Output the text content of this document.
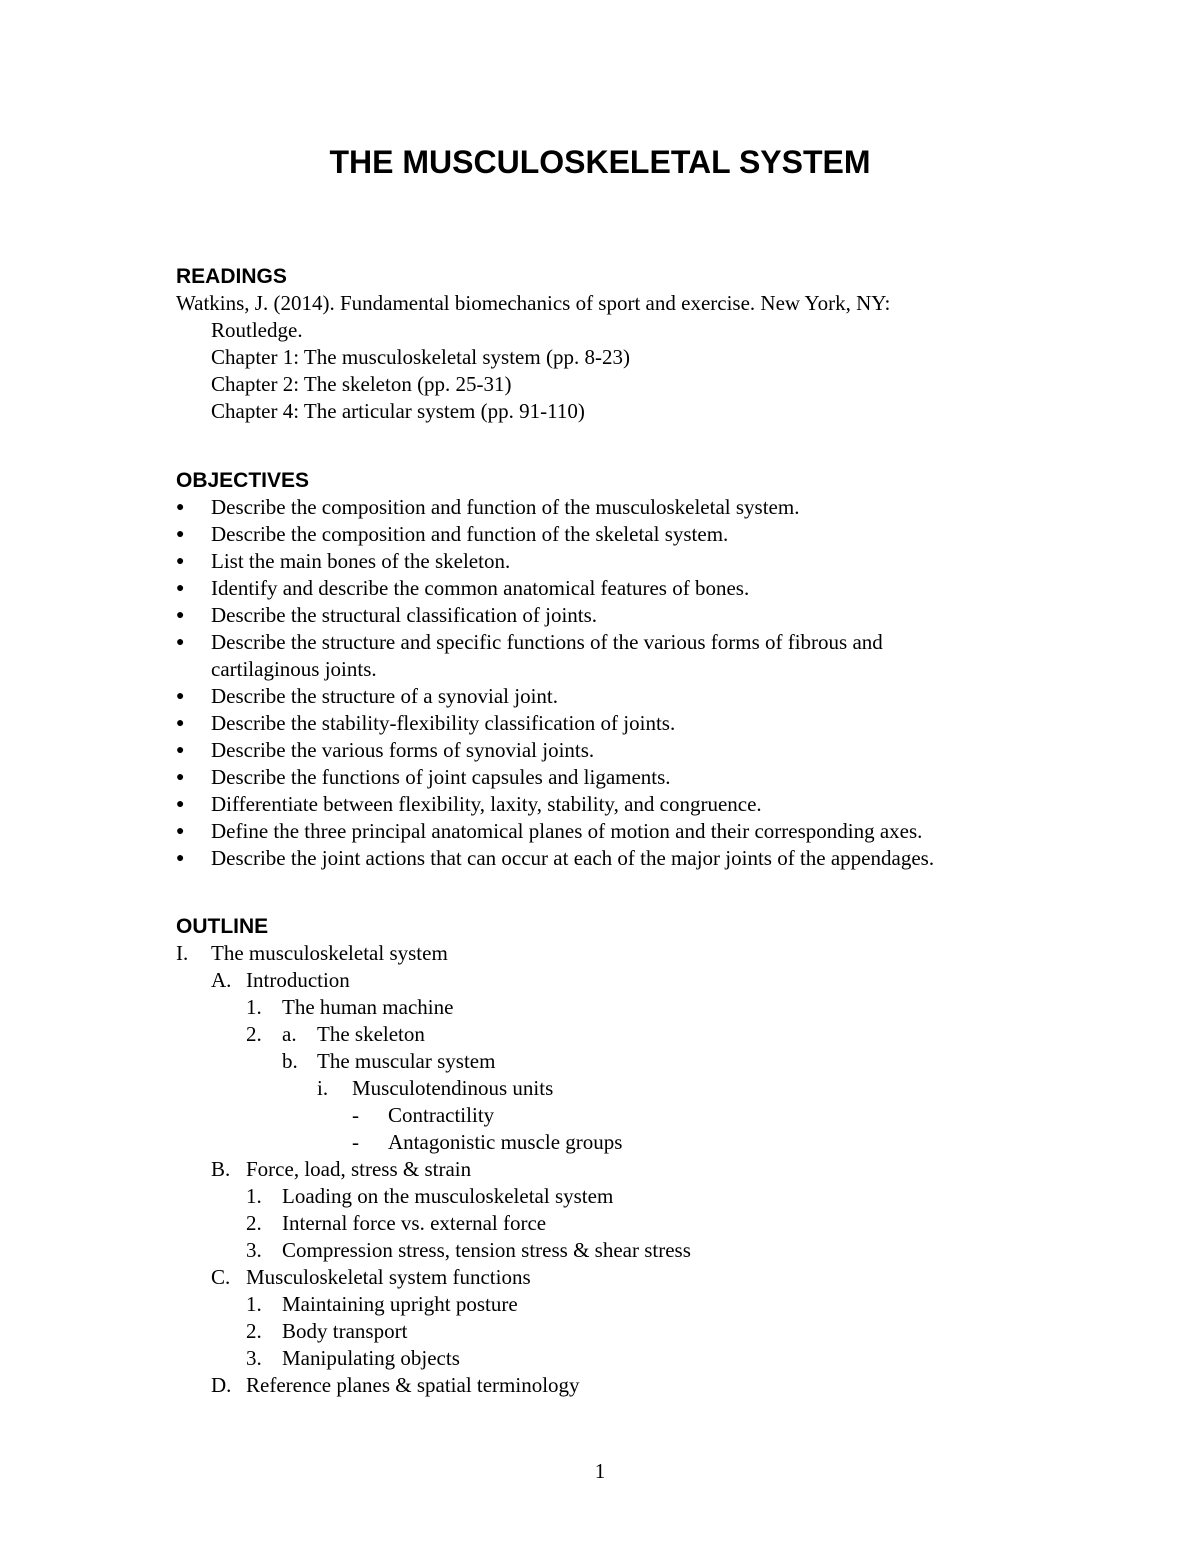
THE MUSCULOSKELETAL SYSTEM
READINGS
Watkins, J. (2014). Fundamental biomechanics of sport and exercise. New York, NY:
Routledge.
Chapter 1: The musculoskeletal system (pp. 8-23)
Chapter 2: The skeleton (pp. 25-31)
Chapter 4: The articular system (pp. 91-110)
OBJECTIVES
● Describe the composition and function of the musculoskeletal system.
● Describe the composition and function of the skeletal system.
● List the main bones of the skeleton.
● Identify and describe the common anatomical features of bones.
● Describe the structural classification of joints.
● Describe the structure and specific functions of the various forms of fibrous and
cartilaginous joints.
● Describe the structure of a synovial joint.
● Describe the stability-flexibility classification of joints.
● Describe the various forms of synovial joints.
● Describe the functions of joint capsules and ligaments.
● Differentiate between flexibility, laxity, stability, and congruence.
● Define the three principal anatomical planes of motion and their corresponding axes.
● Describe the joint actions that can occur at each of the major joints of the appendages.
OUTLINE
I. The musculoskeletal system
A. Introduction
1. The human machine
2. a. The skeleton
b. The muscular system
i. Musculotendinous units
- Contractility
- Antagonistic muscle groups
B. Force, load, stress & strain
1. Loading on the musculoskeletal system
2. Internal force vs. external force
3. Compression stress, tension stress & shear stress
C. Musculoskeletal system functions
1. Maintaining upright posture
2. Body transport
3. Manipulating objects
D. Reference planes & spatial terminology
1
